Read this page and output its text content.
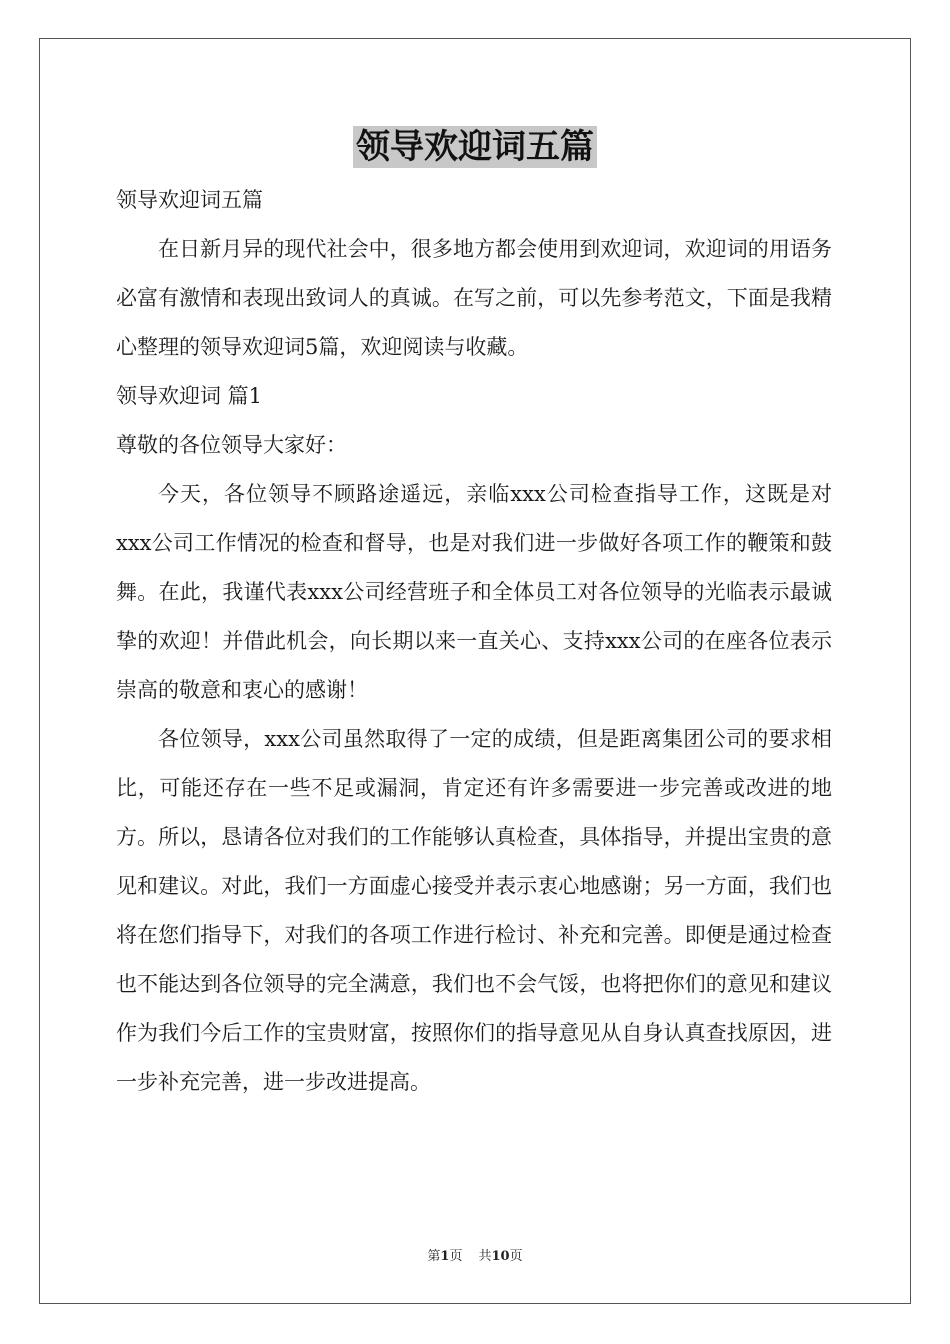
领导欢迎词五篇

领导欢迎词五篇

在日新月异的现代社会中，很多地方都会使用到欢迎词，欢迎词的用语务必富有激情和表现出致词人的真诚。在写之前，可以先参考范文，下面是我精心整理的领导欢迎词5篇，欢迎阅读与收藏。

领导欢迎词 篇1

尊敬的各位领导大家好：

今天，各位领导不顾路途遥远，亲临xxx公司检查指导工作，这既是对xxx公司工作情况的检查和督导，也是对我们进一步做好各项工作的鞭策和鼓舞。在此，我谨代表xxx公司经营班子和全体员工对各位领导的光临表示最诚挚的欢迎！并借此机会，向长期以来一直关心、支持xxx公司的在座各位表示崇高的敬意和衷心的感谢！

各位领导，xxx公司虽然取得了一定的成绩，但是距离集团公司的要求相比，可能还存在一些不足或漏洞，肯定还有许多需要进一步完善或改进的地方。所以，恳请各位对我们的工作能够认真检查，具体指导，并提出宝贵的意见和建议。对此，我们一方面虚心接受并表示衷心地感谢；另一方面，我们也将在您们指导下，对我们的各项工作进行检讨、补充和完善。即便是通过检查也不能达到各位领导的完全满意，我们也不会气馁，也将把你们的意见和建议作为我们今后工作的宝贵财富，按照你们的指导意见从自身认真查找原因，进一步补充完善，进一步改进提高。

第1页 共10页
